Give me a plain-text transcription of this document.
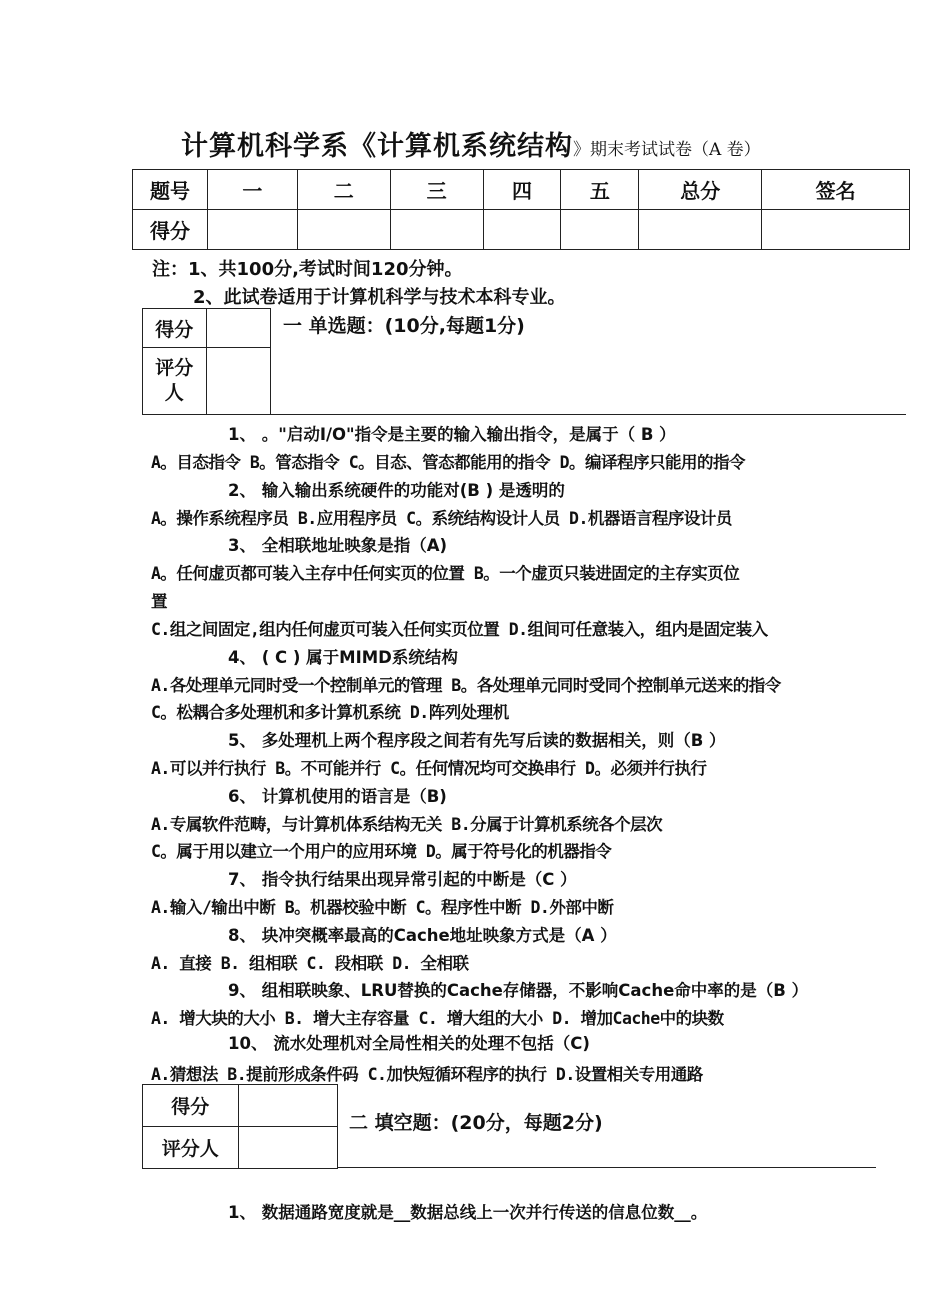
计算机科学系《计算机系统结构》期末考试试卷（A 卷）
题号	一	二	三	四	五	总分	签名
得分							
注：1、共100分,考试时间120分钟。
2、此试卷适用于计算机科学与技术本科专业。
得分	
评分
人	
一 单选题：(10分,每题1分)
1、 。"启动I/O"指令是主要的输入输出指令，是属于（ B ）
A。目态指令 B。管态指令 C。目态、管态都能用的指令 D。编译程序只能用的指令
2、 输入输出系统硬件的功能对(B ) 是透明的
A。操作系统程序员 B.应用程序员 C。系统结构设计人员 D.机器语言程序设计员
3、 全相联地址映象是指（A)
A。任何虚页都可装入主存中任何实页的位置 B。一个虚页只装进固定的主存实页位
置
C.组之间固定,组内任何虚页可装入任何实页位置 D.组间可任意装入，组内是固定装入
4、 ( C ) 属于MIMD系统结构
A.各处理单元同时受一个控制单元的管理 B。各处理单元同时受同个控制单元送来的指令
C。松耦合多处理机和多计算机系统 D.阵列处理机
5、 多处理机上两个程序段之间若有先写后读的数据相关，则（B ）
A.可以并行执行 B。不可能并行 C。任何情况均可交换串行 D。必须并行执行
6、 计算机使用的语言是（B)
A.专属软件范畴，与计算机体系结构无关 B.分属于计算机系统各个层次
C。属于用以建立一个用户的应用环境 D。属于符号化的机器指令
7、 指令执行结果出现异常引起的中断是（C ）
A.输入/输出中断 B。机器校验中断 C。程序性中断 D.外部中断
8、 块冲突概率最高的Cache地址映象方式是（A ）
A. 直接 B. 组相联 C. 段相联 D. 全相联
9、 组相联映象、LRU替换的Cache存储器，不影响Cache命中率的是（B ）
A. 增大块的大小 B. 增大主存容量 C. 增大组的大小 D. 增加Cache中的块数
10、 流水处理机对全局性相关的处理不包括（C)
A.猜想法 B.提前形成条件码 C.加快短循环程序的执行 D.设置相关专用通路
得分	
评分人	
二 填空题：(20分，每题2分)
1、 数据通路宽度就是__数据总线上一次并行传送的信息位数__。
